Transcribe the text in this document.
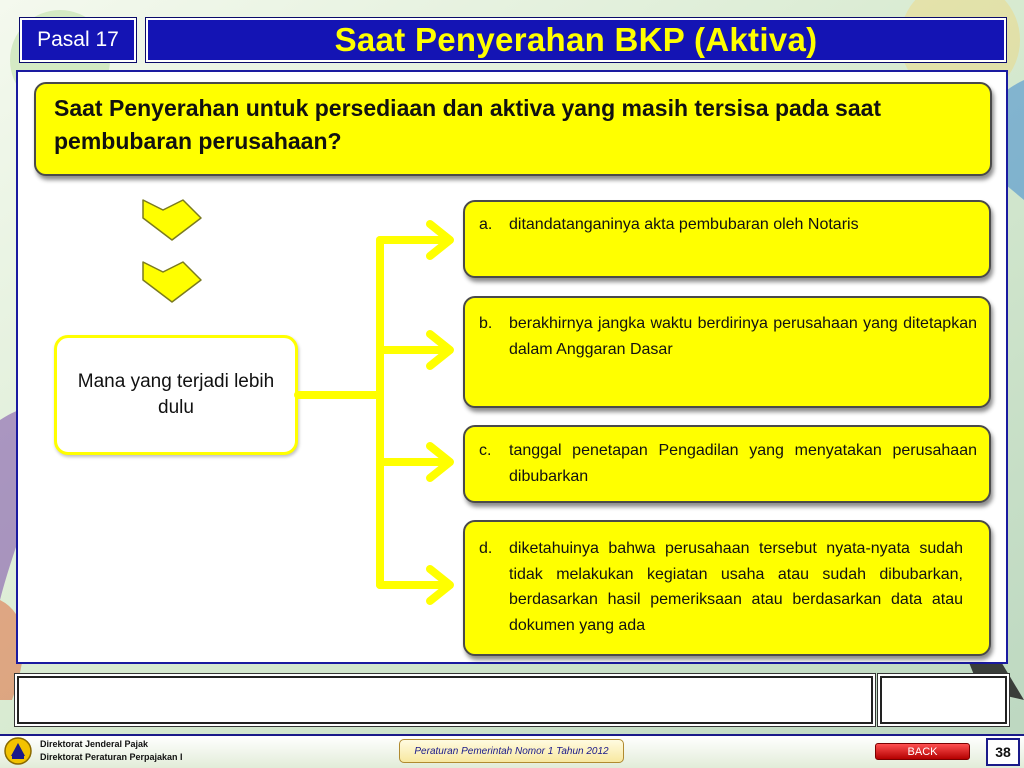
Pasal 17	Saat Penyerahan BKP (Aktiva)
Saat Penyerahan untuk persediaan dan aktiva yang masih tersisa pada saat pembubaran perusahaan?
Mana yang terjadi lebih dulu
a.	ditandatanganinya akta pembubaran oleh Notaris
b.	berakhirnya jangka waktu berdirinya perusahaan yang ditetapkan dalam Anggaran Dasar
c.	tanggal penetapan Pengadilan yang menyatakan perusahaan dibubarkan
d.	diketahuinya bahwa perusahaan tersebut nyata-nyata sudah tidak melakukan kegiatan usaha atau sudah dibubarkan, berdasarkan hasil pemeriksaan atau berdasarkan data atau dokumen yang ada
Direktorat Jenderal Pajak
Direktorat Peraturan Perpajakan I
Peraturan Pemerintah Nomor 1 Tahun 2012	BACK	38
